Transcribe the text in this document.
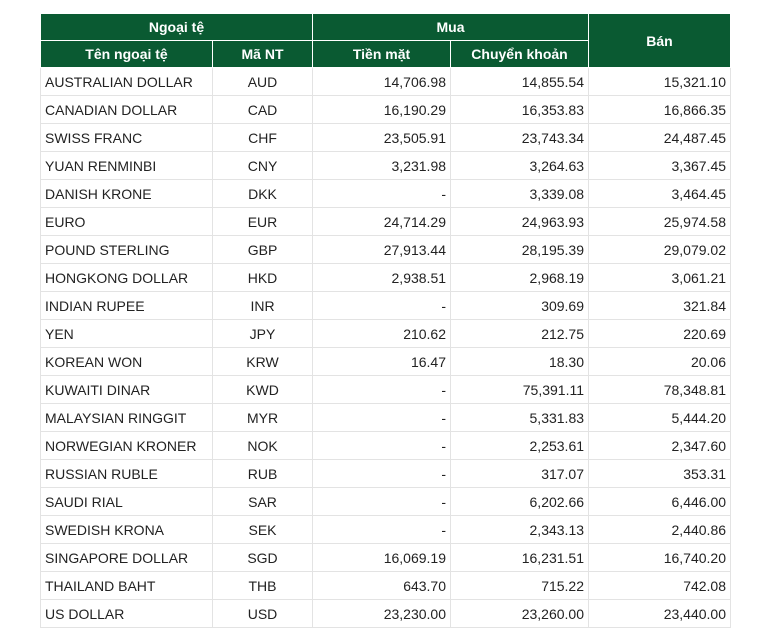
Ngoại tệ		Mua		Bán
Tên ngoại tệ	Mã NT	Tiền mặt	Chuyển khoản	
AUSTRALIAN DOLLAR	AUD	14,706.98	14,855.54	15,321.10
CANADIAN DOLLAR	CAD	16,190.29	16,353.83	16,866.35
SWISS FRANC	CHF	23,505.91	23,743.34	24,487.45
YUAN RENMINBI	CNY	3,231.98	3,264.63	3,367.45
DANISH KRONE	DKK	-	3,339.08	3,464.45
EURO	EUR	24,714.29	24,963.93	25,974.58
POUND STERLING	GBP	27,913.44	28,195.39	29,079.02
HONGKONG DOLLAR	HKD	2,938.51	2,968.19	3,061.21
INDIAN RUPEE	INR	-	309.69	321.84
YEN	JPY	210.62	212.75	220.69
KOREAN WON	KRW	16.47	18.30	20.06
KUWAITI DINAR	KWD	-	75,391.11	78,348.81
MALAYSIAN RINGGIT	MYR	-	5,331.83	5,444.20
NORWEGIAN KRONER	NOK	-	2,253.61	2,347.60
RUSSIAN RUBLE	RUB	-	317.07	353.31
SAUDI RIAL	SAR	-	6,202.66	6,446.00
SWEDISH KRONA	SEK	-	2,343.13	2,440.86
SINGAPORE DOLLAR	SGD	16,069.19	16,231.51	16,740.20
THAILAND BAHT	THB	643.70	715.22	742.08
US DOLLAR	USD	23,230.00	23,260.00	23,440.00
